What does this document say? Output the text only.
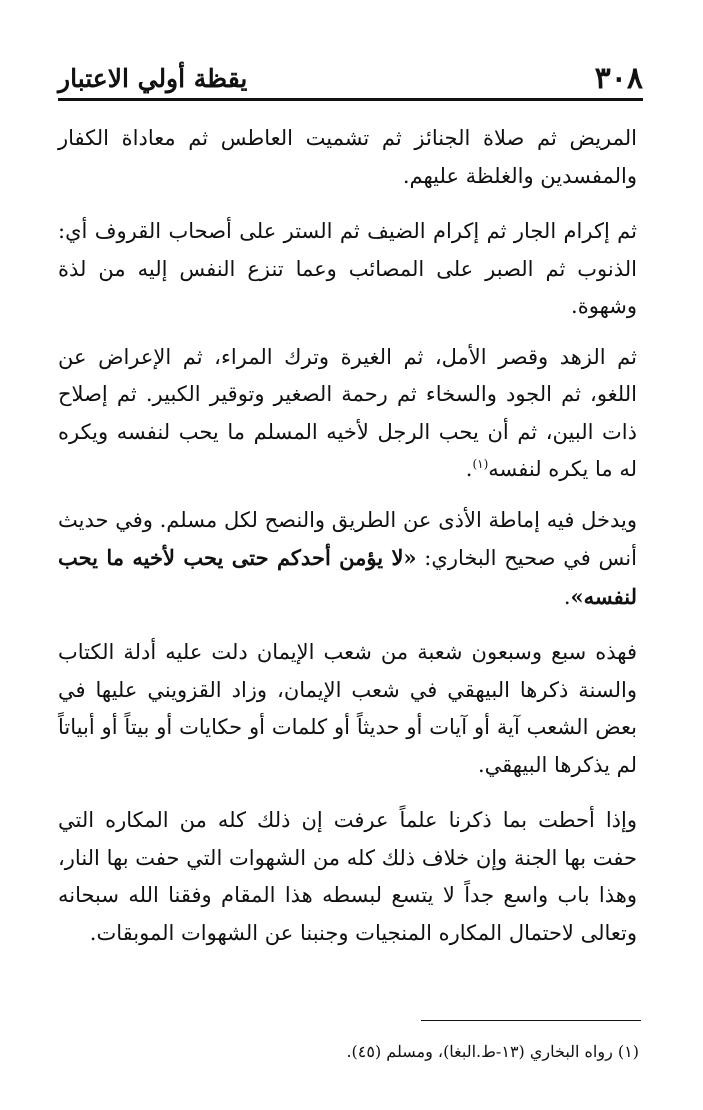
٣٠٨
يقظة أولي الاعتبار

المريض ثم صلاة الجنائز ثم تشميت العاطس ثم معاداة الكفار والمفسدين والغلظة عليهم.

ثم إكرام الجار ثم إكرام الضيف ثم الستر على أصحاب القروف أي: الذنوب ثم الصبر على المصائب وعما تنزع النفس إليه من لذة وشهوة.

ثم الزهد وقصر الأمل، ثم الغيرة وترك المراء، ثم الإعراض عن اللغو، ثم الجود والسخاء ثم رحمة الصغير وتوقير الكبير. ثم إصلاح ذات البين، ثم أن يحب الرجل لأخيه المسلم ما يحب لنفسه ويكره له ما يكره لنفسه$^{(١)}$.

ويدخل فيه إماطة الأذى عن الطريق والنصح لكل مسلم. وفي حديث أنس في صحيح البخاري: «لا يؤمن أحدكم حتى يحب لأخيه ما يحب لنفسه».

فهذه سبع وسبعون شعبة من شعب الإيمان دلت عليه أدلة الكتاب والسنة ذكرها البيهقي في شعب الإيمان، وزاد القزويني عليها في بعض الشعب آية أو آيات أو حديثاً أو كلمات أو حكايات أو بيتاً أو أبياتاً لم يذكرها البيهقي.

وإذا أحطت بما ذكرنا علماً عرفت إن ذلك كله من المكاره التي حفت بها الجنة وإن خلاف ذلك كله من الشهوات التي حفت بها النار، وهذا باب واسع جداً لا يتسع لبسطه هذا المقام وفقنا الله سبحانه وتعالى لاحتمال المكاره المنجيات وجنبنا عن الشهوات الموبقات.

(١) رواه البخاري (١٣-ط.البغا)، ومسلم (٤٥).
